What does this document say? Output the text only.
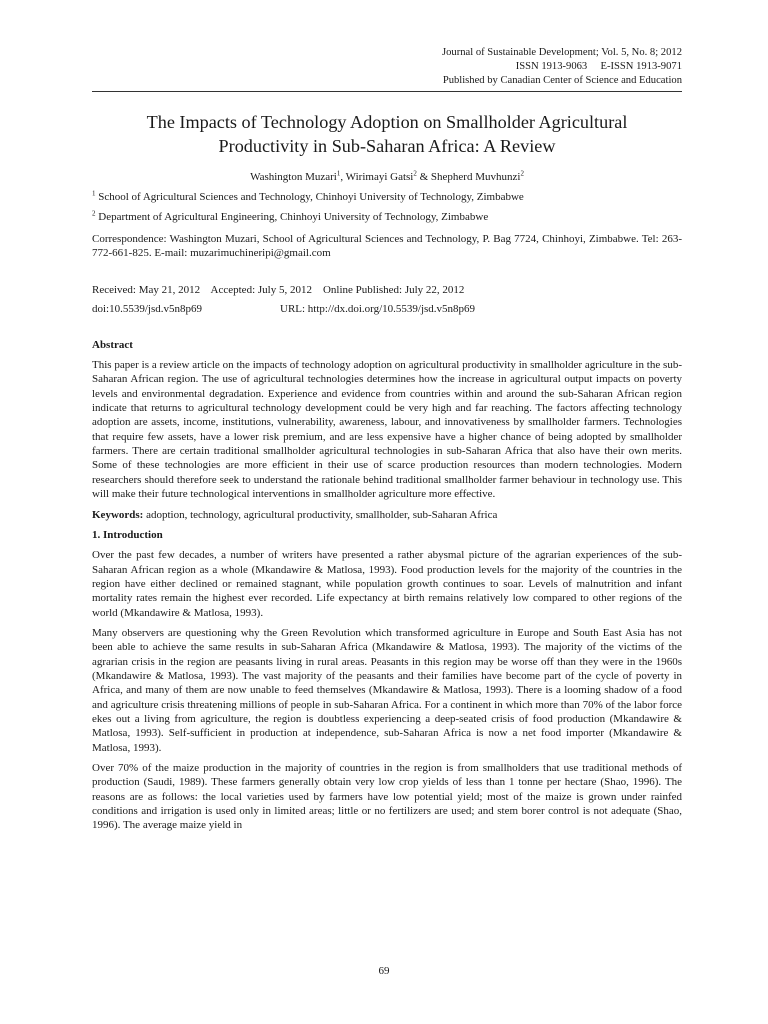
Journal of Sustainable Development; Vol. 5, No. 8; 2012
ISSN 1913-9063     E-ISSN 1913-9071
Published by Canadian Center of Science and Education
The Impacts of Technology Adoption on Smallholder Agricultural
Productivity in Sub-Saharan Africa: A Review
Washington Muzari$^1$, Wirimayi Gatsi$^2$ & Shepherd Muvhunzi$^2$
$^1$ School of Agricultural Sciences and Technology, Chinhoyi University of Technology, Zimbabwe
$^2$ Department of Agricultural Engineering, Chinhoyi University of Technology, Zimbabwe
Correspondence: Washington Muzari, School of Agricultural Sciences and Technology, P. Bag 7724, Chinhoyi, Zimbabwe. Tel: 263-772-661-825. E-mail: muzarimuchineripi@gmail.com
Received: May 21, 2012    Accepted: July 5, 2012    Online Published: July 22, 2012
doi:10.5539/jsd.v5n8p69	URL: http://dx.doi.org/10.5539/jsd.v5n8p69
Abstract

This paper is a review article on the impacts of technology adoption on agricultural productivity in smallholder agriculture in the sub-Saharan African region. The use of agricultural technologies determines how the increase in agricultural output impacts on poverty levels and environmental degradation. Experience and evidence from countries within and around the sub-Saharan African region indicate that returns to agricultural technology development could be very high and far reaching. The factors affecting technology adoption are assets, income, institutions, vulnerability, awareness, labour, and innovativeness by smallholder farmers. Technologies that require few assets, have a lower risk premium, and are less expensive have a higher chance of being adopted by smallholder farmers. There are certain traditional smallholder agricultural technologies in sub-Saharan Africa that also have their own merits. Some of these technologies are more efficient in their use of scarce production resources than modern technologies. Modern researchers should therefore seek to understand the rationale behind traditional smallholder farmer behaviour in technology use. This will make their future technological interventions in smallholder agriculture more effective.

Keywords: adoption, technology, agricultural productivity, smallholder, sub-Saharan Africa
1. Introduction

Over the past few decades, a number of writers have presented a rather abysmal picture of the agrarian experiences of the sub-Saharan African region as a whole (Mkandawire & Matlosa, 1993). Food production levels for the majority of the countries in the region have either declined or remained stagnant, while population growth continues to soar. Levels of malnutrition and infant mortality rates remain the highest ever recorded. Life expectancy at birth remains relatively low compared to other regions of the world (Mkandawire & Matlosa, 1993).

Many observers are questioning why the Green Revolution which transformed agriculture in Europe and South East Asia has not been able to achieve the same results in sub-Saharan Africa (Mkandawire & Matlosa, 1993). The majority of the victims of the agrarian crisis in the region are peasants living in rural areas. Peasants in this region may be worse off than they were in the 1960s (Mkandawire & Matlosa, 1993). The vast majority of the peasants and their families have become part of the cycle of poverty in Africa, and many of them are now unable to feed themselves (Mkandawire & Matlosa, 1993). There is a looming shadow of a food and agriculture crisis threatening millions of people in sub-Saharan Africa. For a continent in which more than 70% of the labor force ekes out a living from agriculture, the region is doubtless experiencing a deep-seated crisis of food production (Mkandawire & Matlosa, 1993). Self-sufficient in production at independence, sub-Saharan Africa is now a net food importer (Mkandawire & Matlosa, 1993).

Over 70% of the maize production in the majority of countries in the region is from smallholders that use traditional methods of production (Saudi, 1989). These farmers generally obtain very low crop yields of less than 1 tonne per hectare (Shao, 1996). The reasons are as follows: the local varieties used by farmers have low potential yield; most of the maize is grown under rainfed conditions and irrigation is used only in limited areas; little or no fertilizers are used; and stem borer control is not adequate (Shao, 1996). The average maize yield in

69
